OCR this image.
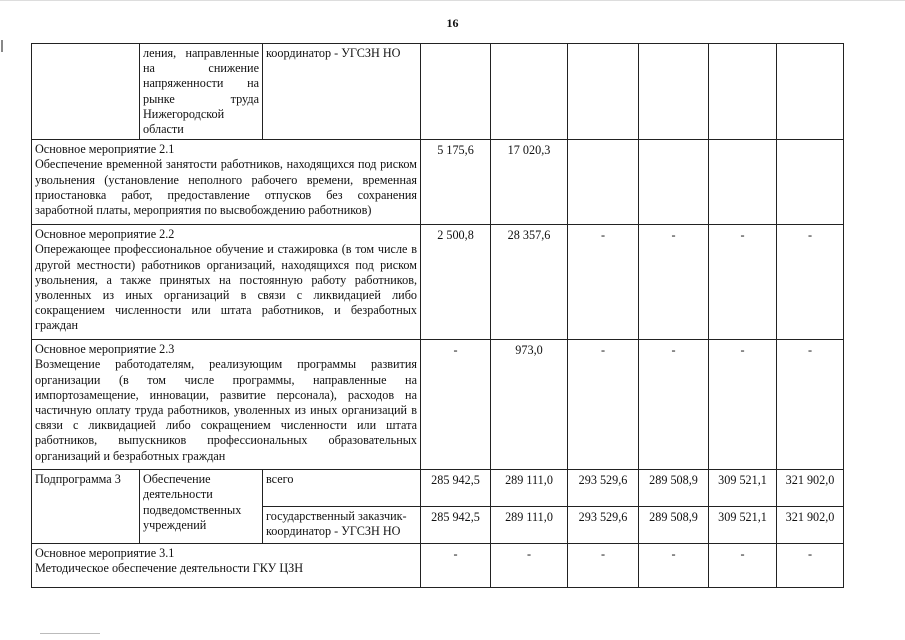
16
	ления, направленные на снижение напряженности на рынке труда Нижегородской области	координатор - УГСЗН НО						

Основное мероприятие 2.1
Обеспечение временной занятости работников, находящихся под риском увольнения (установление неполного рабочего времени, временная приостановка работ, предоставление отпусков без сохранения заработной платы, мероприятия по высвобождению работников)			5 175,6	17 020,3				

Основное мероприятие 2.2
Опережающее профессиональное обучение и стажировка (в том числе в другой местности) работников организаций, находящихся под риском увольнения, а также принятых на постоянную работу работников, уволенных из иных организаций в связи с ликвидацией либо сокращением численности или штата работников, и безработных граждан			2 500,8	28 357,6	-	-	-	-

Основное мероприятие 2.3
Возмещение работодателям, реализующим программы развития организации (в том числе программы, направленные на импортозамещение, инновации, развитие персонала), расходов на частичную оплату труда работников, уволенных из иных организаций в связи с ликвидацией либо сокращением численности или штата работников, выпускников профессиональных образовательных организаций и безработных граждан			-	973,0	-	-	-	-
Подпрограмма 3	Обеспечение деятельности подведомственных учреждений	всего	285 942,5	289 111,0	293 529,6	289 508,9	309 521,1	321 902,0
		государственный заказчик-координатор - УГСЗН НО	285 942,5	289 111,0	293 529,6	289 508,9	309 521,1	321 902,0

Основное мероприятие 3.1
Методическое обеспечение деятельности ГКУ ЦЗН			-	-	-	-	-	-
